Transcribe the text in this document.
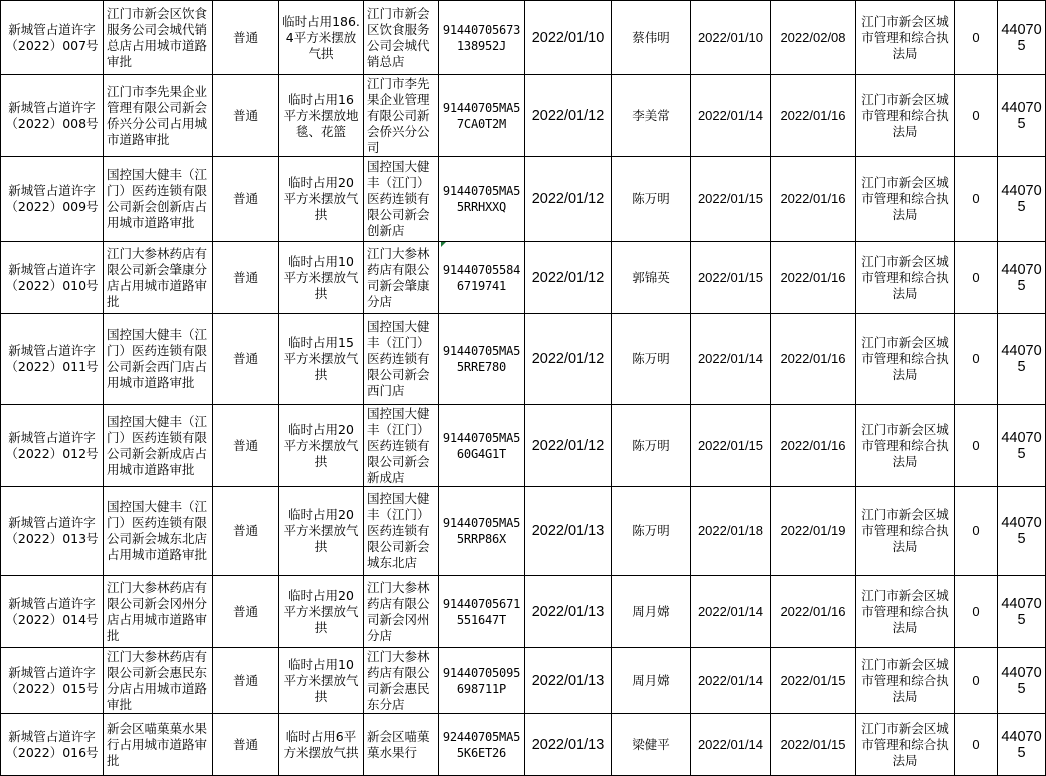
新城管占道许字（2022）007号	江门市新会区饮食服务公司会城代销总店占用城市道路审批	普通	临时占用186.4平方米摆放气拱	江门市新会区饮食服务公司会城代销总店	91440705673138952J	2022/01/10	蔡伟明	2022/01/10	2022/02/08	江门市新会区城市管理和综合执法局	0	440705
新城管占道许字（2022）008号	江门市李先果企业管理有限公司新会侨兴分公司占用城市道路审批	普通	临时占用16平方米摆放地毯、花篮	江门市李先果企业管理有限公司新会侨兴分公司	91440705MA57CA0T2M	2022/01/12	李美常	2022/01/14	2022/01/16	江门市新会区城市管理和综合执法局	0	440705
新城管占道许字（2022）009号	国控国大健丰（江门）医药连锁有限公司新会创新店占用城市道路审批	普通	临时占用20平方米摆放气拱	国控国大健丰（江门）医药连锁有限公司新会创新店	91440705MA55RRHXXQ	2022/01/12	陈万明	2022/01/15	2022/01/16	江门市新会区城市管理和综合执法局	0	440705
新城管占道许字（2022）010号	江门大参林药店有限公司新会肇康分店占用城市道路审批	普通	临时占用10平方米摆放气拱	江门大参林药店有限公司新会肇康分店	914407055846719741	2022/01/12	郭锦英	2022/01/15	2022/01/16	江门市新会区城市管理和综合执法局	0	440705
新城管占道许字（2022）011号	国控国大健丰（江门）医药连锁有限公司新会西门店占用城市道路审批	普通	临时占用15平方米摆放气拱	国控国大健丰（江门）医药连锁有限公司新会西门店	91440705MA55RRE780	2022/01/12	陈万明	2022/01/14	2022/01/16	江门市新会区城市管理和综合执法局	0	440705
新城管占道许字（2022）012号	国控国大健丰（江门）医药连锁有限公司新会新成店占用城市道路审批	普通	临时占用20平方米摆放气拱	国控国大健丰（江门）医药连锁有限公司新会新成店	91440705MA560G4G1T	2022/01/12	陈万明	2022/01/15	2022/01/16	江门市新会区城市管理和综合执法局	0	440705
新城管占道许字（2022）013号	国控国大健丰（江门）医药连锁有限公司新会城东北店占用城市道路审批	普通	临时占用20平方米摆放气拱	国控国大健丰（江门）医药连锁有限公司新会城东北店	91440705MA55RRP86X	2022/01/13	陈万明	2022/01/18	2022/01/19	江门市新会区城市管理和综合执法局	0	440705
新城管占道许字（2022）014号	江门大参林药店有限公司新会冈州分店占用城市道路审批	普通	临时占用20平方米摆放气拱	江门大参林药店有限公司新会冈州分店	91440705671551647T	2022/01/13	周月嫦	2022/01/14	2022/01/16	江门市新会区城市管理和综合执法局	0	440705
新城管占道许字（2022）015号	江门大参林药店有限公司新会惠民东分店占用城市道路审批	普通	临时占用10平方米摆放气拱	江门大参林药店有限公司新会惠民东分店	91440705095698711P	2022/01/13	周月嫦	2022/01/14	2022/01/15	江门市新会区城市管理和综合执法局	0	440705
新城管占道许字（2022）016号	新会区喵菓菓水果行占用城市道路审批	普通	临时占用6平方米摆放气拱	新会区喵菓菓水果行	92440705MA55K6ET26	2022/01/13	梁健平	2022/01/14	2022/01/15	江门市新会区城市管理和综合执法局	0	440705
